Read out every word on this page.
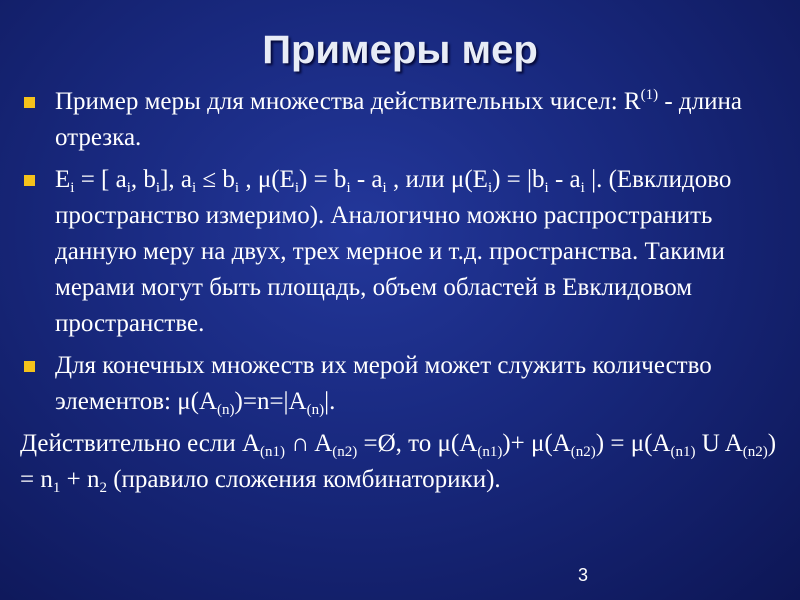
Примеры мер
Пример меры для множества действительных чисел: $R^{(1)}$ - длина отрезка.
$E_i$ = [ $a_i$, $b_i$], $a_i \le b_i$ , $\mu(E_i) = b_i - a_i$ , или $\mu(E_i) = |b_i - a_i$ |. (Евклидово пространство измеримо). Аналогично можно распространить данную меру на двух, трех мерное и т.д. пространства. Такими мерами могут быть площадь, объем областей в Евклидовом пространстве.
Для конечных множеств их мерой может служить количество элементов: $\mu(A_{(n)})=n=|A_{(n)}|$.
Действительно если $A_{(n1)}$ ∩ $A_{(n2)}$ =Ø, то $\mu(A_{(n1)})+ \mu(A_{(n2)}) = \mu(A_{(n1)}$ U $A_{(n2)}) = n_1 + n_2$ (правило сложения комбинаторики).
3
